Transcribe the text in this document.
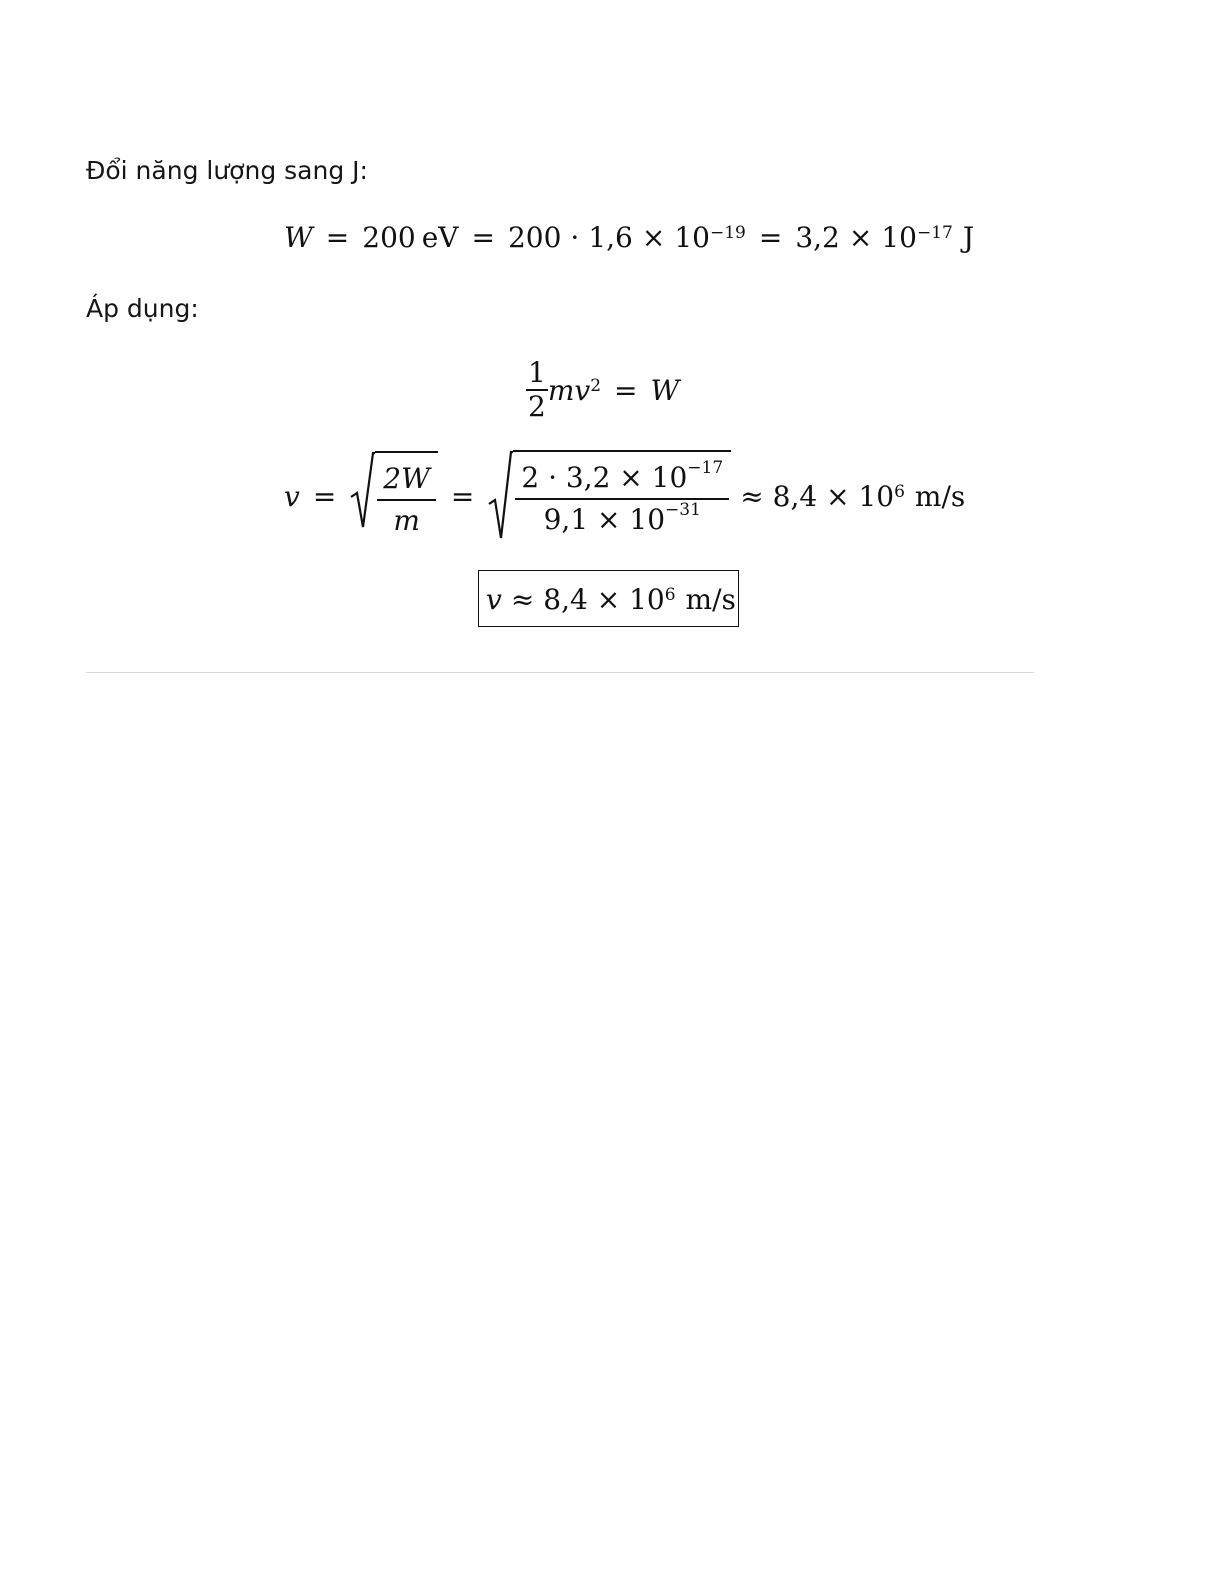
Đổi năng lượng sang J:
W = 200 eV = $200 \cdot 1,6 \times 10^{-19} = 3,2 \times 10^{-17}$ J
Áp dụng:
$\frac{1}{2}$ m $v^2 = W$
$v = \frac{2W}{m} = \frac{2 \cdot 3,2 \times 10^{-17}}{9,1 \times 10^{-31}} \approx 8,4 \times 10^6$ m/s
$v \approx 8,4 \times 10^6$ m/s
